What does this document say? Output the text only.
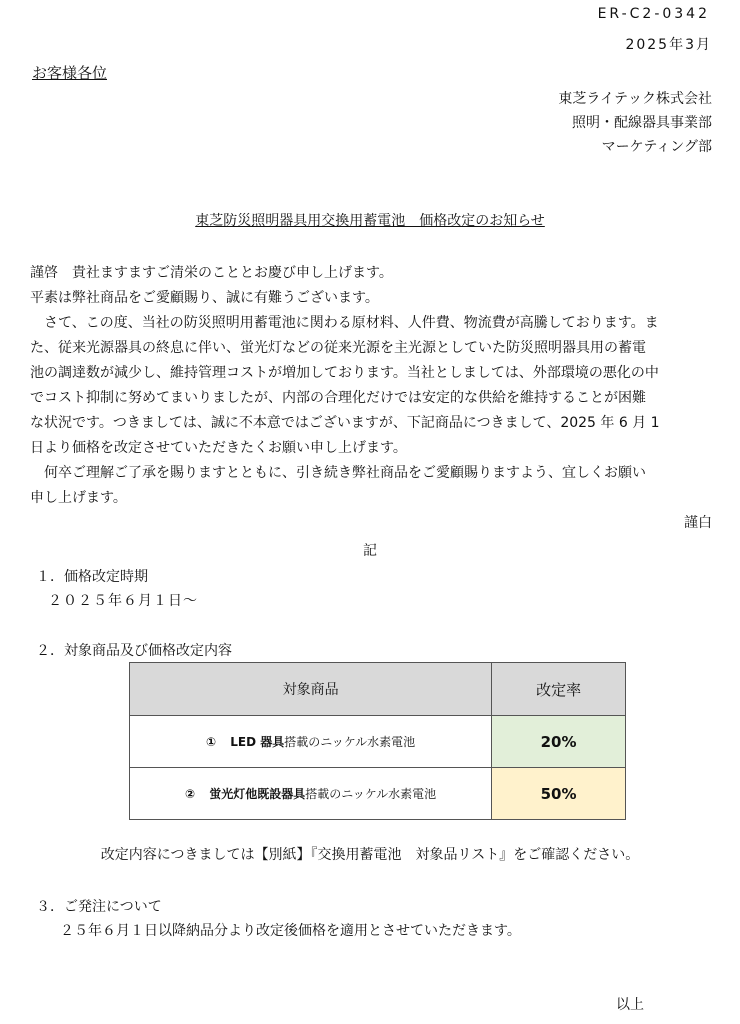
ER-C2-0342
2025年3月
お客様各位
東芝ライテック株式会社
照明・配線器具事業部
マーケティング部
東芝防災照明器具用交換用蓄電池　価格改定のお知らせ
謹啓　貴社ますますご清栄のこととお慶び申し上げます。
平素は弊社商品をご愛顧賜り、誠に有難うございます。
　さて、この度、当社の防災照明用蓄電池に関わる原材料、人件費、物流費が高騰しております。ま
た、従来光源器具の終息に伴い、蛍光灯などの従来光源を主光源としていた防災照明器具用の蓄電
池の調達数が減少し、維持管理コストが増加しております。当社としましては、外部環境の悪化の中
でコスト抑制に努めてまいりましたが、内部の合理化だけでは安定的な供給を維持することが困難
な状況です。つきましては、誠に不本意ではございますが、下記商品につきまして、2025 年 6 月 1
日より価格を改定させていただきたくお願い申し上げます。
　何卒ご理解ご了承を賜りますとともに、引き続き弊社商品をご愛顧賜りますよう、宜しくお願い
申し上げます。
謹白
記
１．価格改定時期
２０２５年６月１日～
２．対象商品及び価格改定内容
対象商品	改定率
① LED 器具搭載のニッケル水素電池	20%
② 蛍光灯他既設器具搭載のニッケル水素電池	50%
改定内容につきましては【別紙】『交換用蓄電池　対象品リスト』をご確認ください。
３．ご発注について
２５年６月１日以降納品分より改定後価格を適用とさせていただきます。
以上
